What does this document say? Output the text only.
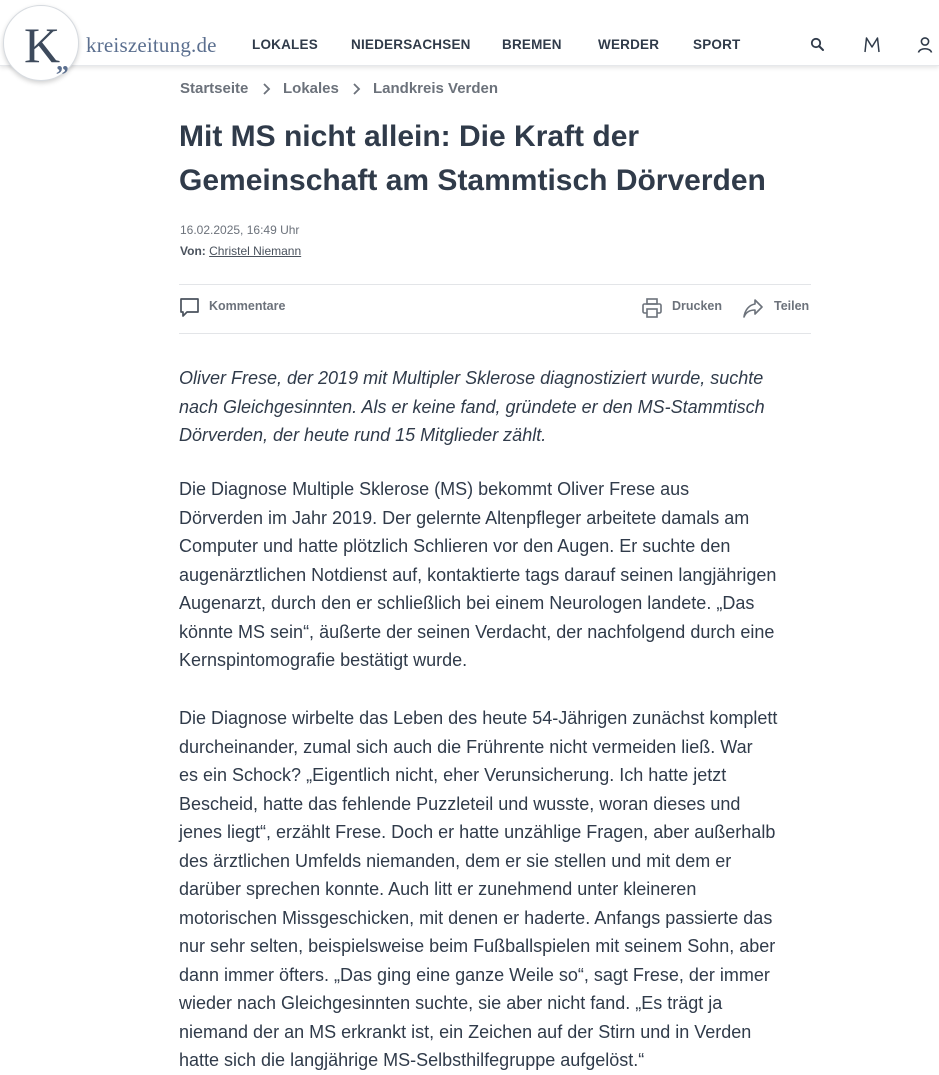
LOKALES NIEDERSACHSEN BREMEN	WERDER	SPORT
K
„
kreiszeitung.de
Startseite Lokales Landkreis Verden
Mit MS nicht allein: Die Kraft der
Gemeinschaft am Stammtisch Dörverden
16.02.2025, 16:49 Uhr
Von: Christel Niemann
Kommentare	Drucken	Teilen
Oliver Frese, der 2019 mit Multipler Sklerose diagnostiziert wurde, suchte
nach Gleichgesinnten. Als er keine fand, gründete er den MS-Stammtisch
Dörverden, der heute rund 15 Mitglieder zählt.
Die Diagnose Multiple Sklerose (MS) bekommt Oliver Frese aus
Dörverden im Jahr 2019. Der gelernte Altenpfleger arbeitete damals am
Computer und hatte plötzlich Schlieren vor den Augen. Er suchte den
augenärztlichen Notdienst auf, kontaktierte tags darauf seinen langjährigen
Augenarzt, durch den er schließlich bei einem Neurologen landete. „Das
könnte MS sein“, äußerte der seinen Verdacht, der nachfolgend durch eine
Kernspintomografie bestätigt wurde.
Die Diagnose wirbelte das Leben des heute 54-Jährigen zunächst komplett
durcheinander, zumal sich auch die Frührente nicht vermeiden ließ. War
es ein Schock? „Eigentlich nicht, eher Verunsicherung. Ich hatte jetzt
Bescheid, hatte das fehlende Puzzleteil und wusste, woran dieses und
jenes liegt“, erzählt Frese. Doch er hatte unzählige Fragen, aber außerhalb
des ärztlichen Umfelds niemanden, dem er sie stellen und mit dem er
darüber sprechen konnte. Auch litt er zunehmend unter kleineren
motorischen Missgeschicken, mit denen er haderte. Anfangs passierte das
nur sehr selten, beispielsweise beim Fußballspielen mit seinem Sohn, aber
dann immer öfters. „Das ging eine ganze Weile so“, sagt Frese, der immer
wieder nach Gleichgesinnten suchte, sie aber nicht fand. „Es trägt ja
niemand der an MS erkrankt ist, ein Zeichen auf der Stirn und in Verden
hatte sich die langjährige MS-Selbsthilfegruppe aufgelöst.“
